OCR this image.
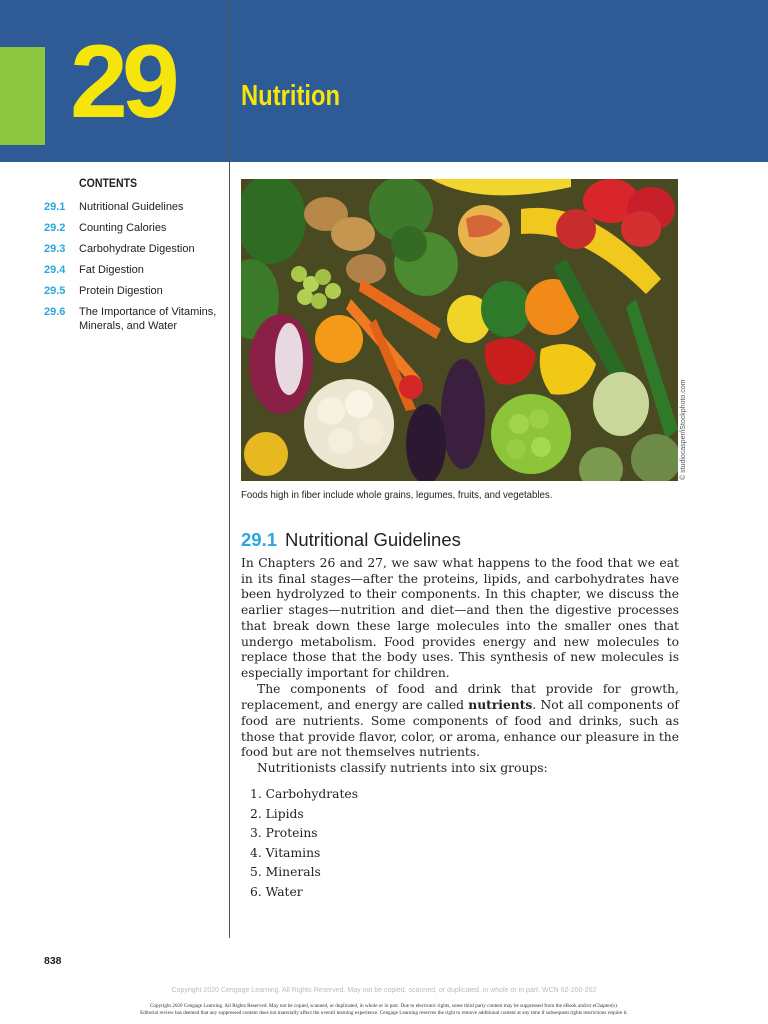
29 Nutrition
CONTENTS
29.1	Nutritional Guidelines
29.2	Counting Calories
29.3	Carbohydrate Digestion
29.4	Fat Digestion
29.5	Protein Digestion
29.6	The Importance of Vitamins, Minerals, and Water
© studiocasper/iStockphoto.com
Foods high in fiber include whole grains, legumes, fruits, and vegetables.
29.1 Nutritional Guidelines

In Chapters 26 and 27, we saw what happens to the food that we eat in its final stages—after the proteins, lipids, and carbohydrates have been hydrolyzed to their components. In this chapter, we discuss the earlier stages—nutrition and diet—and then the digestive processes that break down these large molecules into the smaller ones that undergo metabolism. Food provides energy and new molecules to replace those that the body uses. This synthesis of new molecules is especially important for children.

The components of food and drink that provide for growth, replacement, and energy are called nutrients. Not all components of food are nutrients. Some components of food and drinks, such as those that provide flavor, color, or aroma, enhance our pleasure in the food but are not themselves nutrients.

Nutritionists classify nutrients into six groups:

1. Carbohydrates
2. Lipids
3. Proteins
4. Vitamins
5. Minerals
6. Water
838
Copyright 2020 Cengage Learning. All Rights Reserved. May not be copied, scanned, or duplicated, in whole or in part. WCN 02-200-202
Copyright 2020 Cengage Learning. All Rights Reserved. May not be copied, scanned, or duplicated, in whole or in part. Due to electronic rights, some third party content may be suppressed from the eBook and/or eChapter(s).
Editorial review has deemed that any suppressed content does not materially affect the overall learning experience. Cengage Learning reserves the right to remove additional content at any time if subsequent rights restrictions require it.
